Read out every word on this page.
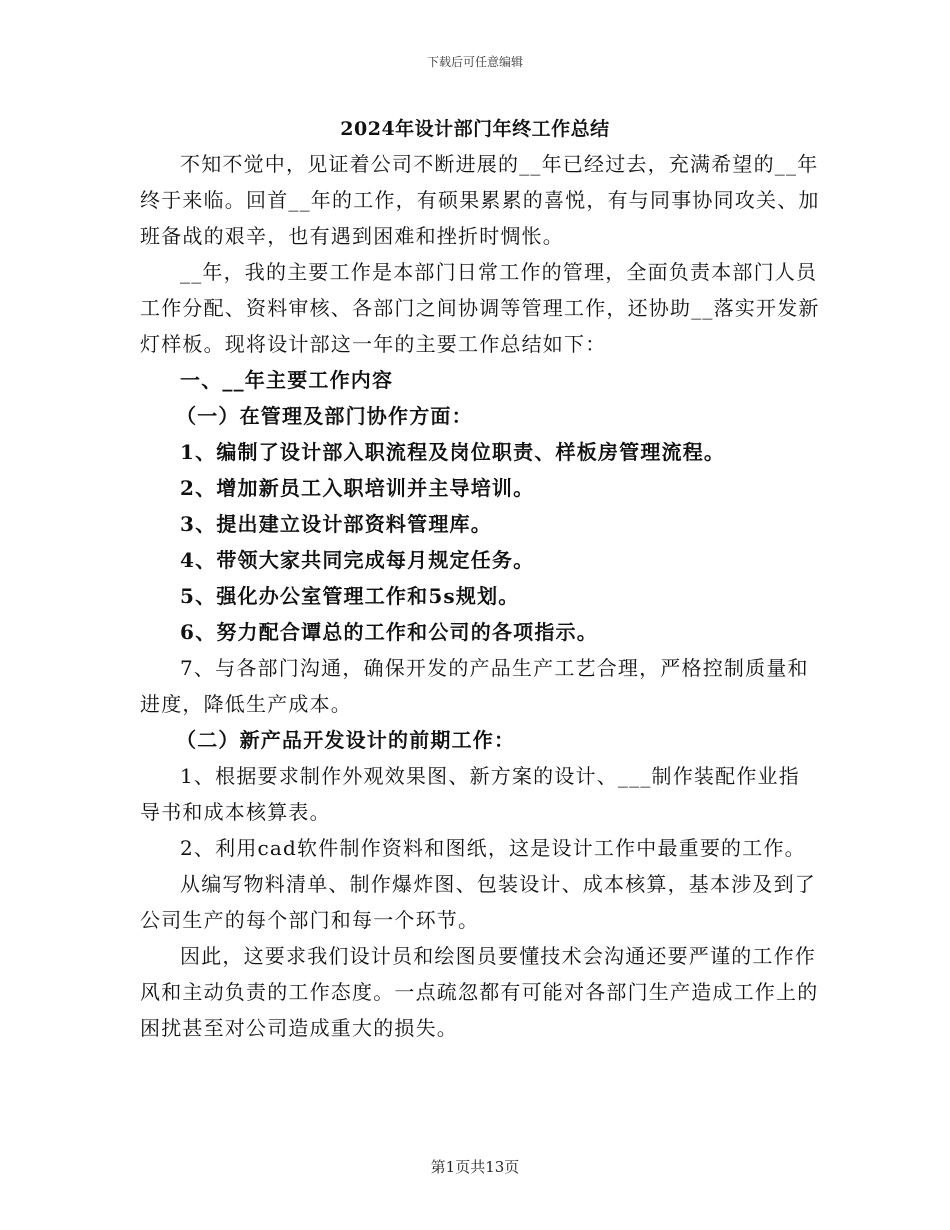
下载后可任意编辑
2024年设计部门年终工作总结

不知不觉中，见证着公司不断进展的__年已经过去，充满希望的__年终于来临。回首__年的工作，有硕果累累的喜悦，有与同事协同攻关、加班备战的艰辛，也有遇到困难和挫折时惆怅。

__年，我的主要工作是本部门日常工作的管理，全面负责本部门人员工作分配、资料审核、各部门之间协调等管理工作，还协助__落实开发新灯样板。现将设计部这一年的主要工作总结如下：

一、__年主要工作内容

（一）在管理及部门协作方面：

1、编制了设计部入职流程及岗位职责、样板房管理流程。

2、增加新员工入职培训并主导培训。

3、提出建立设计部资料管理库。

4、带领大家共同完成每月规定任务。

5、强化办公室管理工作和5s规划。

6、努力配合谭总的工作和公司的各项指示。

7、与各部门沟通，确保开发的产品生产工艺合理，严格控制质量和进度，降低生产成本。

（二）新产品开发设计的前期工作：

1、根据要求制作外观效果图、新方案的设计、___制作装配作业指导书和成本核算表。

2、利用cad软件制作资料和图纸，这是设计工作中最重要的工作。

从编写物料清单、制作爆炸图、包装设计、成本核算，基本涉及到了公司生产的每个部门和每一个环节。

因此，这要求我们设计员和绘图员要懂技术会沟通还要严谨的工作作风和主动负责的工作态度。一点疏忽都有可能对各部门生产造成工作上的困扰甚至对公司造成重大的损失。

第1页共13页
